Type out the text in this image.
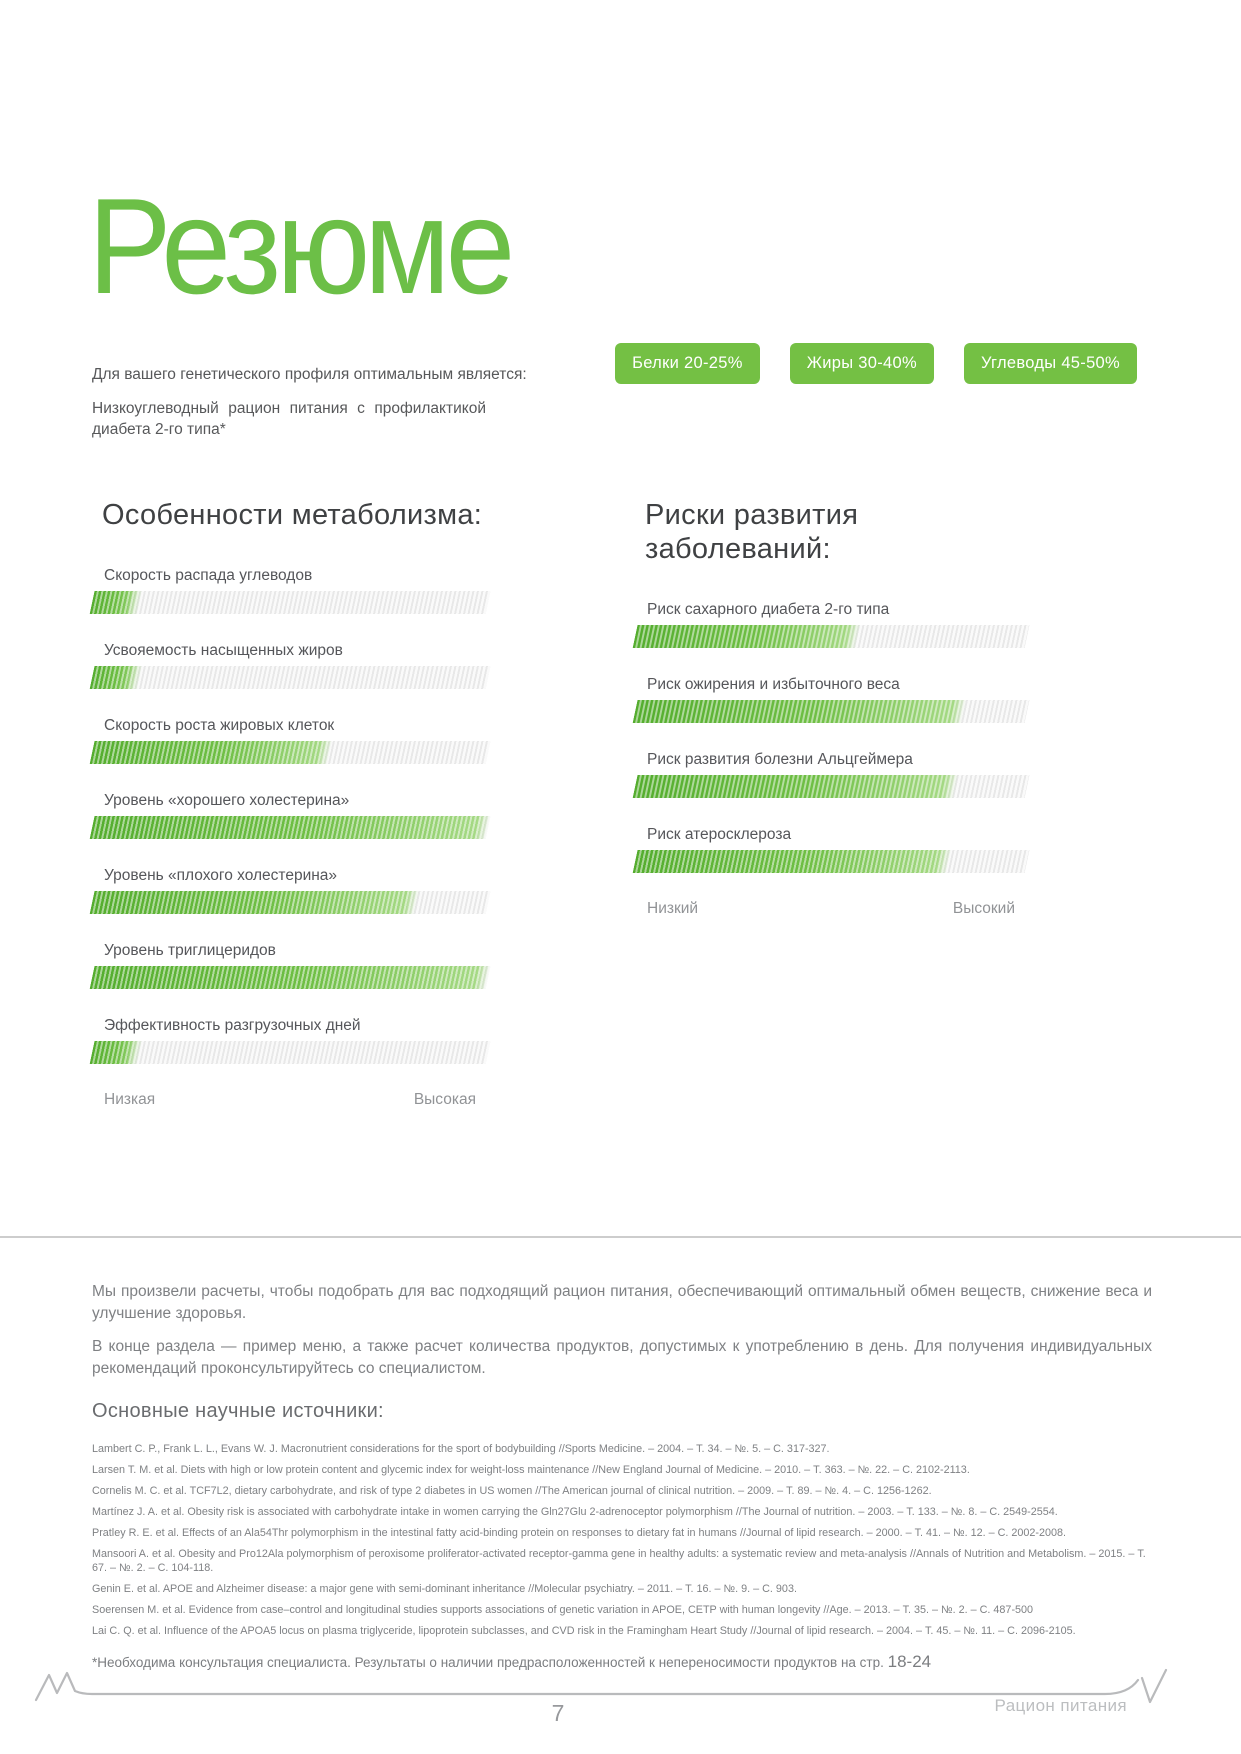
Резюме
Для вашего генетического профиля оптимальным является:
Низкоуглеводный рацион питания с профилактикой диабета 2-го типа*
Белки 20-25%	Жиры 30-40%	Углеводы 45-50%
Особенности метаболизма:
Скорость распада углеводов
Усвояемость насыщенных жиров
Скорость роста жировых клеток
Уровень «хорошего холестерина»
Уровень «плохого холестерина»
Уровень триглицеридов
Эффективность разгрузочных дней
Низкая	Высокая
Риски развития заболеваний:
Риск сахарного диабета 2-го типа
Риск ожирения и избыточного веса
Риск развития болезни Альцгеймера
Риск атеросклероза
Низкий	Высокий

Мы произвели расчеты, чтобы подобрать для вас подходящий рацион питания, обеспечивающий оптимальный обмен веществ, снижение веса и улучшение здоровья.

В конце раздела — пример меню, а также расчет количества продуктов, допустимых к употреблению в день. Для получения индивидуальных рекомендаций проконсультируйтесь со специалистом.

Основные научные источники:
Lambert C. P., Frank L. L., Evans W. J. Macronutrient considerations for the sport of bodybuilding //Sports Medicine. – 2004. – Т. 34. – №. 5. – С. 317-327.
Larsen T. M. et al. Diets with high or low protein content and glycemic index for weight-loss maintenance //New England Journal of Medicine. – 2010. – Т. 363. – №. 22. – С. 2102-2113.
Cornelis M. C. et al. TCF7L2, dietary carbohydrate, and risk of type 2 diabetes in US women //The American journal of clinical nutrition. – 2009. – Т. 89. – №. 4. – С. 1256-1262.
Martínez J. A. et al. Obesity risk is associated with carbohydrate intake in women carrying the Gln27Glu 2-adrenoceptor polymorphism //The Journal of nutrition. – 2003. – Т. 133. – №. 8. – С. 2549-2554.
Pratley R. E. et al. Effects of an Ala54Thr polymorphism in the intestinal fatty acid-binding protein on responses to dietary fat in humans //Journal of lipid research. – 2000. – Т. 41. – №. 12. – С. 2002-2008.
Mansoori A. et al. Obesity and Pro12Ala polymorphism of peroxisome proliferator-activated receptor-gamma gene in healthy adults: a systematic review and meta-analysis //Annals of Nutrition and Metabolism. – 2015. – Т. 67. – №. 2. – С. 104-118.
Genin E. et al. APOE and Alzheimer disease: a major gene with semi-dominant inheritance //Molecular psychiatry. – 2011. – Т. 16. – №. 9. – С. 903.
Soerensen M. et al. Evidence from case–control and longitudinal studies supports associations of genetic variation in APOE, CETP with human longevity //Age. – 2013. – Т. 35. – №. 2. – С. 487-500
Lai C. Q. et al. Influence of the APOA5 locus on plasma triglyceride, lipoprotein subclasses, and CVD risk in the Framingham Heart Study //Journal of lipid research. – 2004. – Т. 45. – №. 11. – С. 2096-2105.
*Необходима консультация специалиста. Результаты о наличии предрасположенностей к непереносимости продуктов на стр. 18-24
7	Рацион питания
